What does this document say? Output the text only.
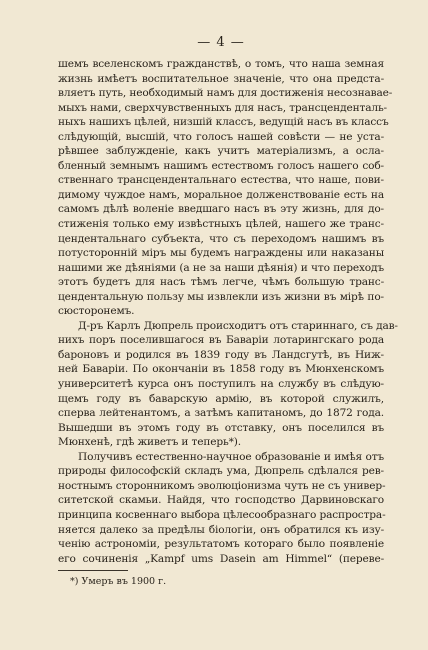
— 4 —
шемъ вселенскомъ гражданствѣ, о томъ, что наша земная
жизнь имѣетъ воспитательное значеніе, что она предста-
вляетъ путь, необходимый намъ для достиженія несознавае-
мыхъ нами, сверхчувственныхъ для насъ, трансценденталь-
ныхъ нашихъ цѣлей, низшій классъ, ведущій насъ въ классъ
слѣдующій, высшій, что голосъ нашей совѣсти — не уста-
рѣвшее заблужденіе, какъ учитъ матеріализмъ, а осла-
бленный земнымъ нашимъ естествомъ голосъ нашего соб-
ственнаго трансцендентальнаго естества, что наше, пови-
димому чуждое намъ, моральное долженствованіе есть на
самомъ дѣлѣ воленіе введшаго насъ въ эту жизнь, для до-
стиженія только ему извѣстныхъ цѣлей, нашего же транс-
цендентальнаго субъекта, что съ переходомъ нашимъ въ
потусторонній міръ мы будемъ награждены или наказаны
нашими же дѣяніями (а не за наши дѣянія) и что переходъ
этотъ будетъ для насъ тѣмъ легче, чѣмъ большую транс-
цендентальную пользу мы извлекли изъ жизни въ мірѣ по-
сюсторонемъ.
Д-ръ Карлъ Дюпрель происходитъ отъ стариннаго, съ дав-
нихъ поръ поселившагося въ Баваріи лотарингскаго рода
бароновъ и родился въ 1839 году въ Ландсгутѣ, въ Ниж-
ней Баваріи. По окончаніи въ 1858 году въ Мюнхенскомъ
университетѣ курса онъ поступилъ на службу въ слѣдую-
щемъ году въ баварскую армію, въ которой служилъ,
сперва лейтенантомъ, а затѣмъ капитаномъ, до 1872 года.
Вышедши въ этомъ году въ отставку, онъ поселился въ
Мюнхенѣ, гдѣ живетъ и теперь*).
Получивъ естественно-научное образованіе и имѣя отъ
природы философскій складъ ума, Дюпрель сдѣлался рев-
ностнымъ сторонникомъ эволюціонизма чуть не съ универ-
ситетской скамьи. Найдя, что господство Дарвиновскаго
принципа косвеннаго выбора цѣлесообразнаго распростра-
няется далеко за предѣлы біологіи, онъ обратился къ изу-
ченію астрономіи, результатомъ котораго было появленіе
его сочиненія „Kampf ums Dasein am Himmel“ (переве-
*) Умеръ въ 1900 г.
